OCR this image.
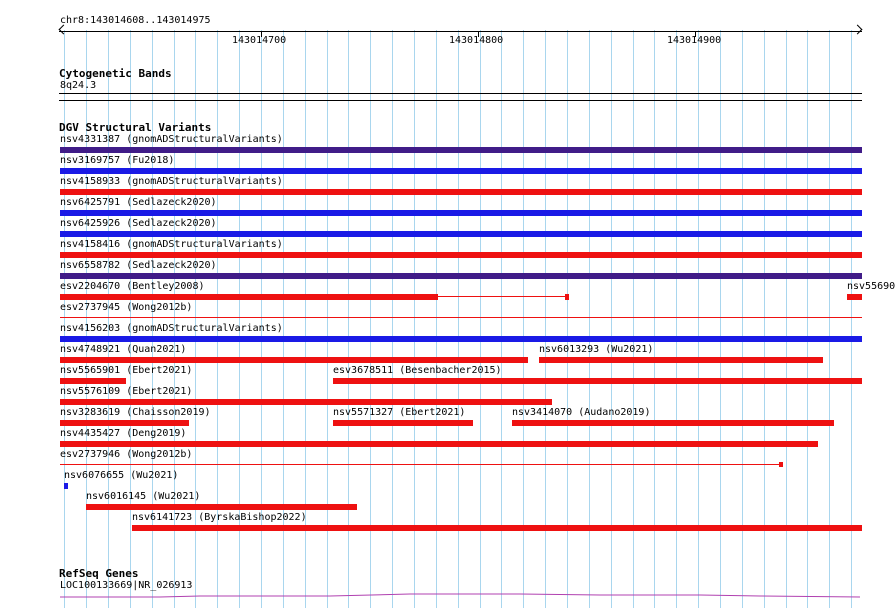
chr8:143014608..143014975
143014700	143014800	143014900
Cytogenetic Bands
8q24.3
DGV Structural Variants
nsv4331387 (gnomADStructuralVariants)
nsv3169757 (Fu2018)
nsv4158933 (gnomADStructuralVariants)
nsv6425791 (Sedlazeck2020)
nsv6425926 (Sedlazeck2020)
nsv4158416 (gnomADStructuralVariants)
nsv6558782 (Sedlazeck2020)
esv2204670 (Bentley2008)	nsv55690
esv2737945 (Wong2012b)
nsv4156203 (gnomADStructuralVariants)
nsv4748921 (Quan2021)	nsv6013293 (Wu2021)
nsv5565901 (Ebert2021)	esv3678511 (Besenbacher2015)
nsv5576109 (Ebert2021)
nsv3283619 (Chaisson2019)	nsv5571327 (Ebert2021)	nsv3414070 (Audano2019)
nsv4435427 (Deng2019)
esv2737946 (Wong2012b)
nsv6076655 (Wu2021)
nsv6016145 (Wu2021)
nsv6141723 (ByrskaBishop2022)
RefSeq Genes
LOC100133669|NR_026913
